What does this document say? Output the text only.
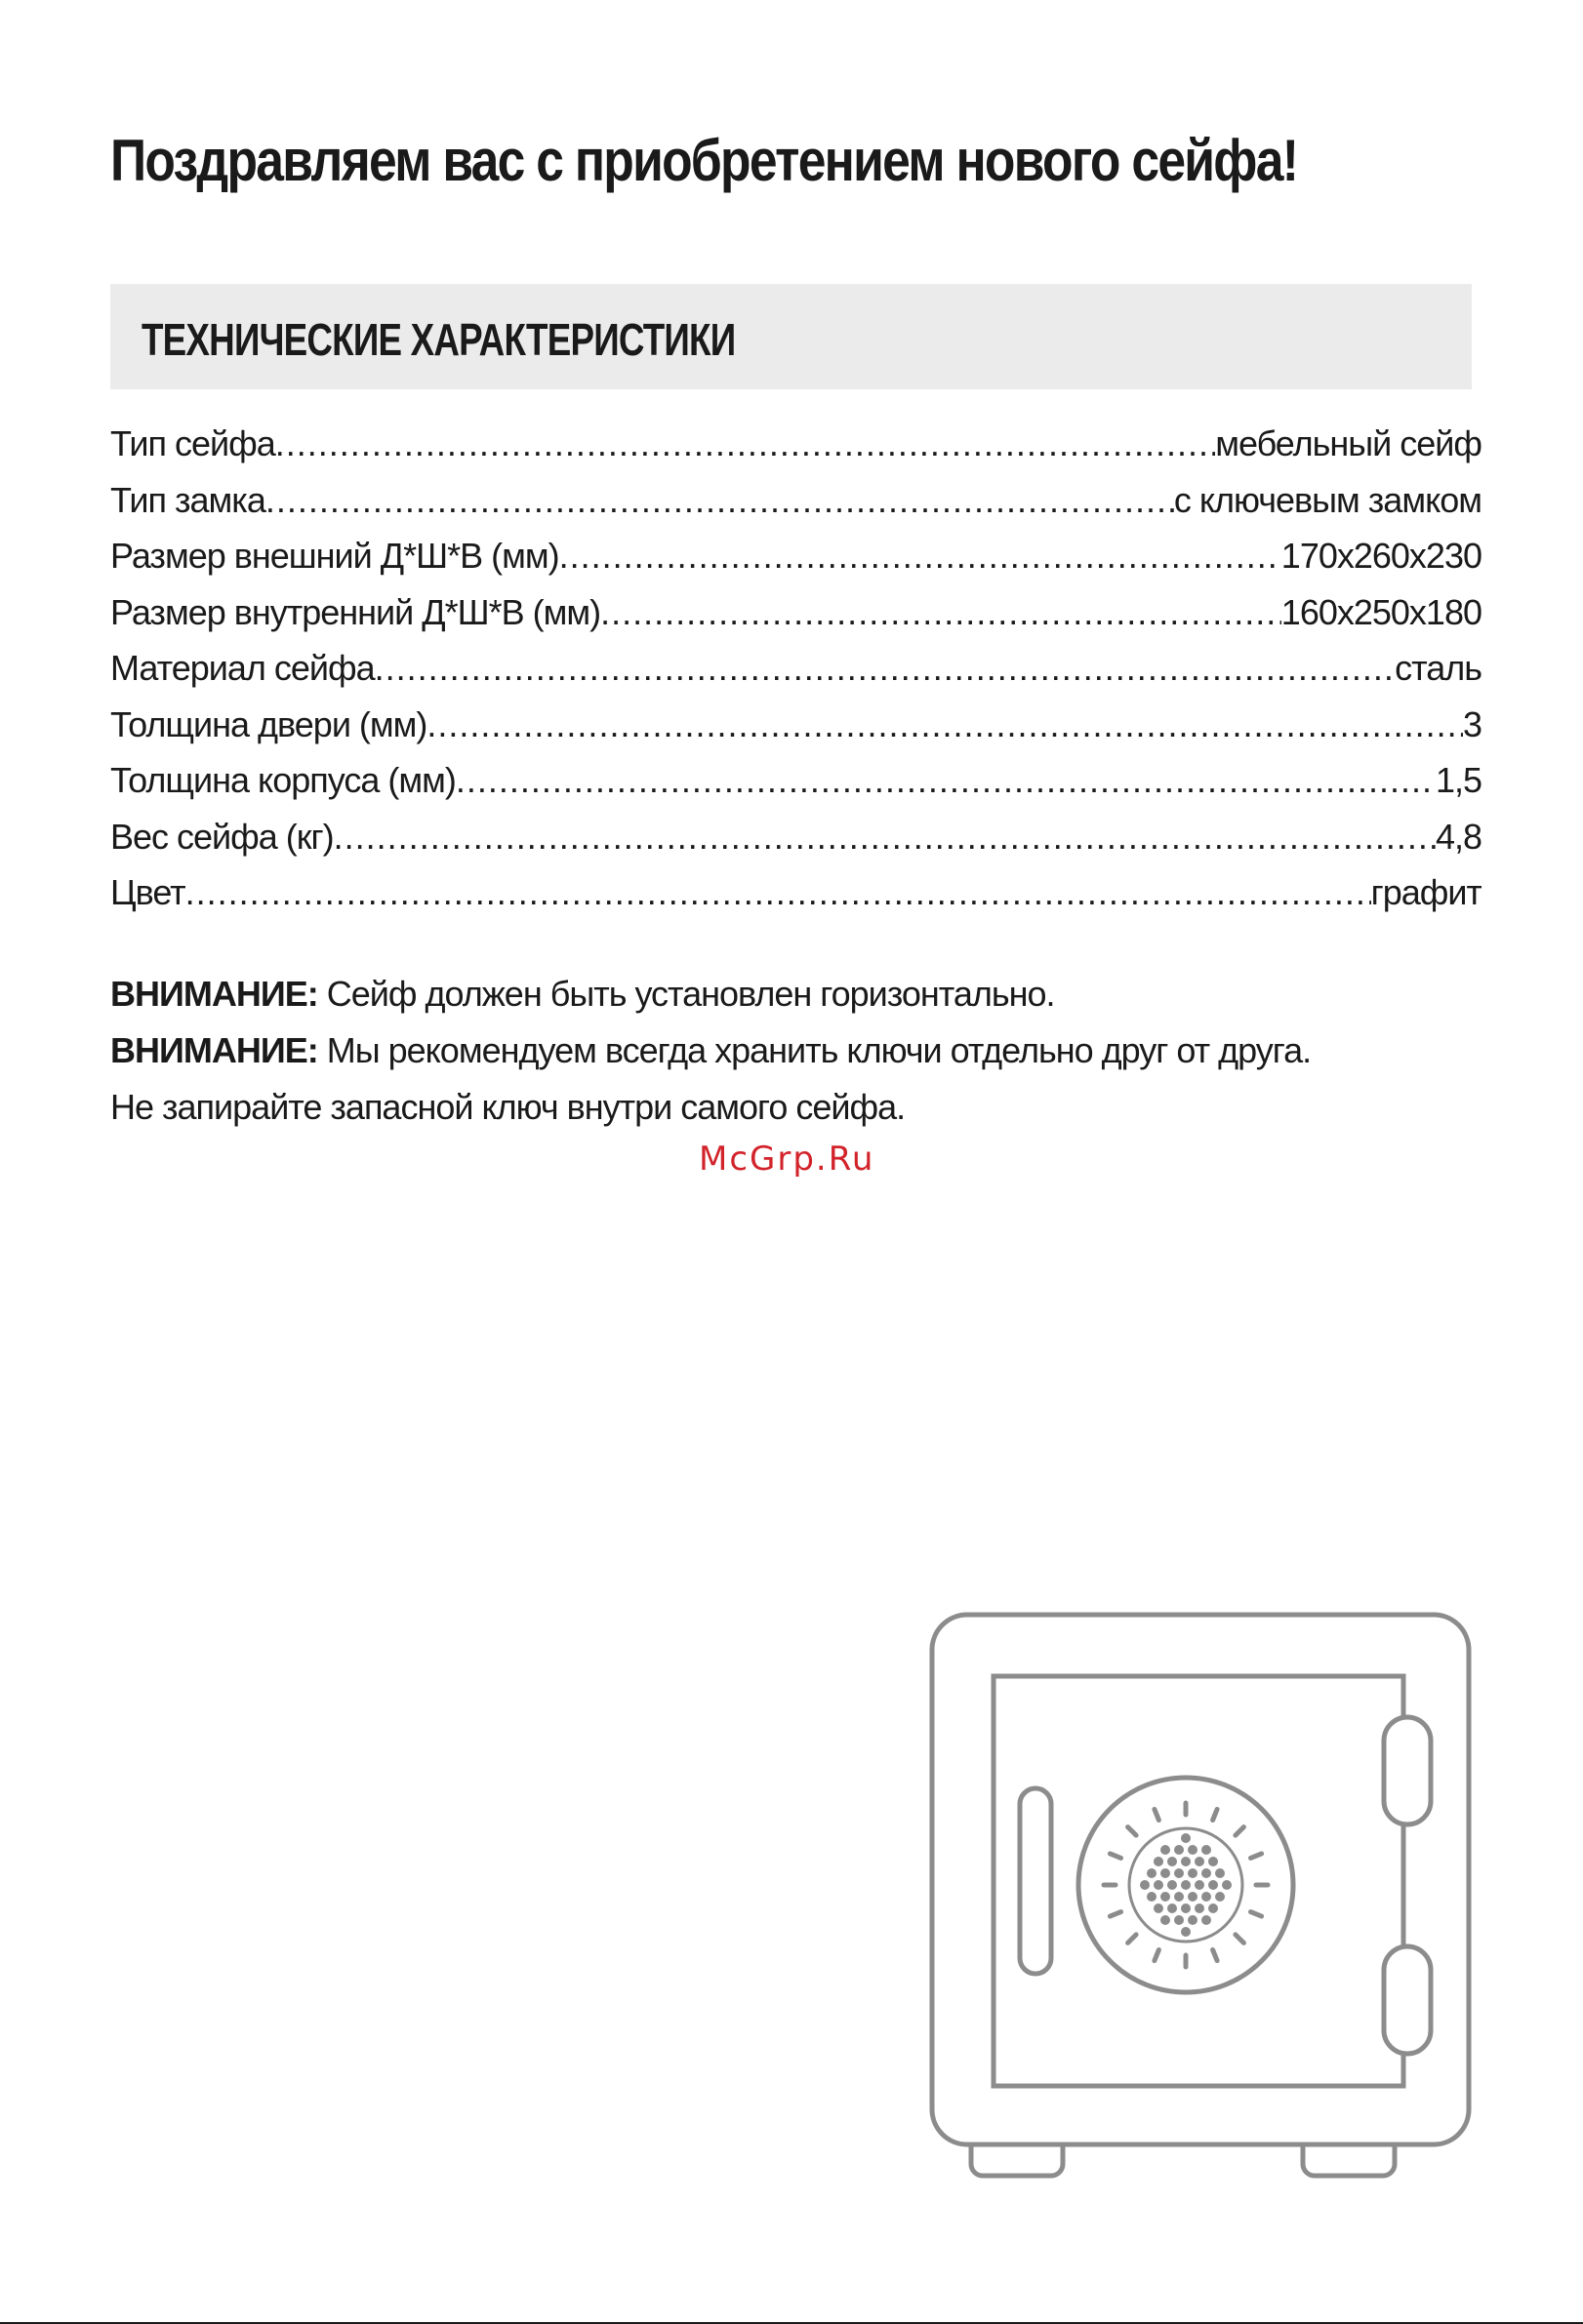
Поздравляем вас с приобретением нового сейфа!
ТЕХНИЧЕСКИЕ ХАРАКТЕРИСТИКИ
Тип сейфа .....	мебельный сейф
Тип замка .....	с ключевым замком
Размер внешний Д*Ш*В (мм) .....	170x260x230
Размер внутренний Д*Ш*В (мм) .....	160x250x180
Материал сейфа .....	сталь
Толщина двери (мм) .....	3
Толщина корпуса (мм) .....	1,5
Вес сейфа (кг) .....	4,8
Цвет .....	графит
ВНИМАНИЕ: Сейф должен быть установлен горизонтально.
ВНИМАНИЕ: Мы рекомендуем всегда хранить ключи отдельно друг от друга.
Не запирайте запасной ключ внутри самого сейфа.
McGrp.Ru
